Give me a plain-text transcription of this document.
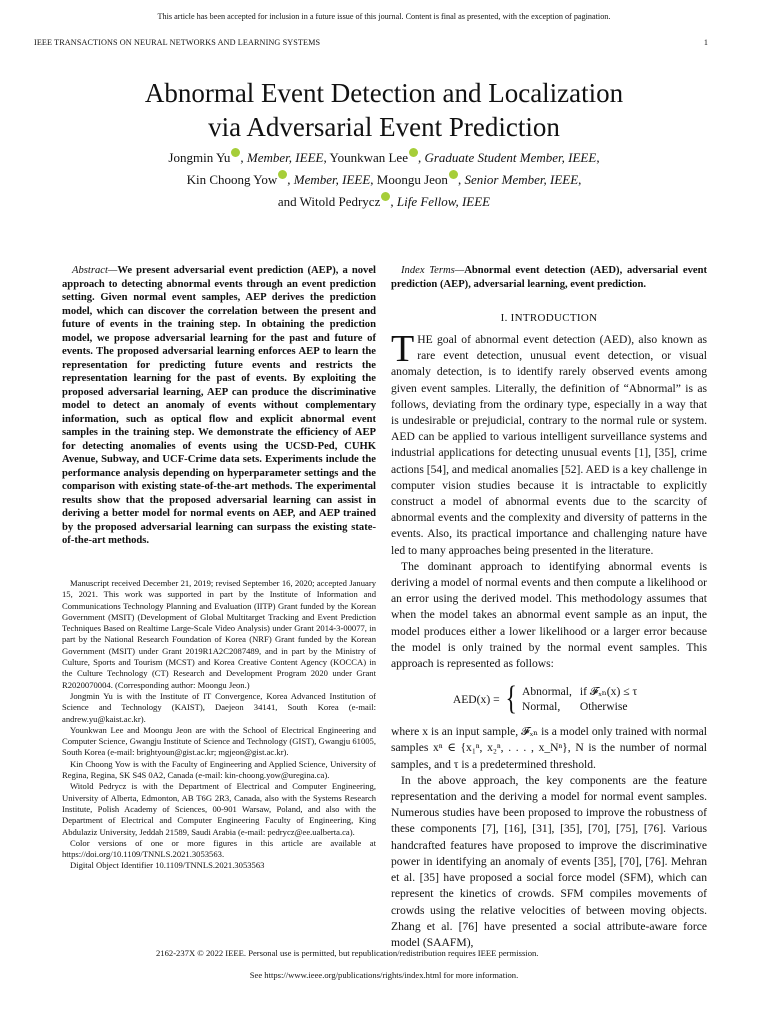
This article has been accepted for inclusion in a future issue of this journal. Content is final as presented, with the exception of pagination.
IEEE TRANSACTIONS ON NEURAL NETWORKS AND LEARNING SYSTEMS	1
Abnormal Event Detection and Localization
via Adversarial Event Prediction
Jongmin Yu , Member, IEEE, Younkwan Lee , Graduate Student Member, IEEE,
Kin Choong Yow , Member, IEEE, Moongu Jeon , Senior Member, IEEE,
and Witold Pedrycz , Life Fellow, IEEE
Abstract—We present adversarial event prediction (AEP), a novel approach to detecting abnormal events through an event prediction setting. Given normal event samples, AEP derives the prediction model, which can discover the correlation between the present and future of events in the training step. In obtaining the prediction model, we propose adversarial learning for the past and future of events. The proposed adversarial learning enforces AEP to learn the representation for predicting future events and restricts the representation learning for the past of events. By exploiting the proposed adversarial learning, AEP can produce the discriminative model to detect an anomaly of events without complementary information, such as optical flow and explicit abnormal event samples in the training step. We demonstrate the efficiency of AEP for detecting anomalies of events using the UCSD-Ped, CUHK Avenue, Subway, and UCF-Crime data sets. Experiments include the performance analysis depending on hyperparameter settings and the comparison with existing state-of-the-art methods. The experimental results show that the proposed adversarial learning can assist in deriving a better model for normal events on AEP, and AEP trained by the proposed adversarial learning can surpass the existing state-of-the-art methods.

Manuscript received December 21, 2019; revised September 16, 2020; accepted January 15, 2021. This work was supported in part by the Institute of Information and Communications Technology Planning and Evaluation (IITP) Grant funded by the Korean Government (MSIT) (Development of Global Multitarget Tracking and Event Prediction Techniques Based on Realtime Large-Scale Video Analysis) under Grant 2014-3-00077, in part by the National Research Foundation of Korea (NRF) Grant funded by the Korean Government (MSIT) under Grant 2019R1A2C2087489, and in part by the Ministry of Culture, Sports and Tourism (MCST) and Korea Creative Content Agency (KOCCA) in the Culture Technology (CT) Research and Development Program 2020 under Grant R2020070004. (Corresponding author: Moongu Jeon.)

Jongmin Yu is with the Institute of IT Convergence, Korea Advanced Institution of Science and Technology (KAIST), Daejeon 34141, South Korea (e-mail: andrew.yu@kaist.ac.kr).

Younkwan Lee and Moongu Jeon are with the School of Electrical Engineering and Computer Science, Gwangju Institute of Science and Technology (GIST), Gwangju 61005, South Korea (e-mail: brightyoun@gist.ac.kr; mgjeon@gist.ac.kr).

Kin Choong Yow is with the Faculty of Engineering and Applied Science, University of Regina, Regina, SK S4S 0A2, Canada (e-mail: kin-choong.yow@uregina.ca).

Witold Pedrycz is with the Department of Electrical and Computer Engineering, University of Alberta, Edmonton, AB T6G 2R3, Canada, also with the Systems Research Institute, Polish Academy of Sciences, 00-901 Warsaw, Poland, and also with the Department of Electrical and Computer Engineering Faculty of Engineering, King Abdulaziz University, Jeddah 21589, Saudi Arabia (e-mail: pedrycz@ee.ualberta.ca).

Color versions of one or more figures in this article are available at https://doi.org/10.1109/TNNLS.2021.3053563.

Digital Object Identifier 10.1109/TNNLS.2021.3053563

Index Terms—Abnormal event detection (AED), adversarial event prediction (AEP), adversarial learning, event prediction.
I. INTRODUCTION

THE goal of abnormal event detection (AED), also known as rare event detection, unusual event detection, or visual anomaly detection, is to identify rarely observed events among given event samples. Literally, the definition of “Abnormal” is as follows, deviating from the ordinary type, especially in a way that is undesirable or prejudicial, contrary to the normal rule or system. AED can be applied to various intelligent surveillance systems and industrial applications for detecting unusual events [1], [35], crime actions [54], and medical anomalies [52]. AED is a key challenge in computer vision studies because it is intractable to explicitly construct a model of abnormal events due to the scarcity of abnormal events and the complexity and diversity of patterns in the events. Also, its practical importance and challenging nature have led to many approaches being presented in the literature.

The dominant approach to identifying abnormal events is deriving a model of normal events and then compute a likelihood or an error using the derived model. This methodology assumes that when the model takes an abnormal event sample as an input, the model produces either a lower likelihood or a larger error because the model is only trained by the normal event samples. This approach is represented as follows:

AED(x) = { Abnormal,	if 𝓕ₓₙ(x) ≤ τ
Normal,	Otherwise

where x is an input sample, 𝓕ₓₙ is a model only trained with normal samples xⁿ ∈ {x₁ⁿ, x₂ⁿ, . . . , x_Nⁿ}, N is the number of normal samples, and τ is a predetermined threshold.

In the above approach, the key components are the feature representation and the deriving a model for normal event samples. Numerous studies have been proposed to improve the robustness of these components [7], [16], [31], [35], [70], [75], [76]. Various handcrafted features have proposed to improve the discriminative power in identifying an anomaly of events [35], [70], [76]. Mehran et al. [35] have proposed a social force model (SFM), which can represent the kinetics of crowds. SFM compiles movements of crowds using the relative velocities of between moving objects. Zhang et al. [76] have presented a social attribute-aware force model (SAAFM),

2162-237X © 2022 IEEE. Personal use is permitted, but republication/redistribution requires IEEE permission.
See https://www.ieee.org/publications/rights/index.html for more information.
